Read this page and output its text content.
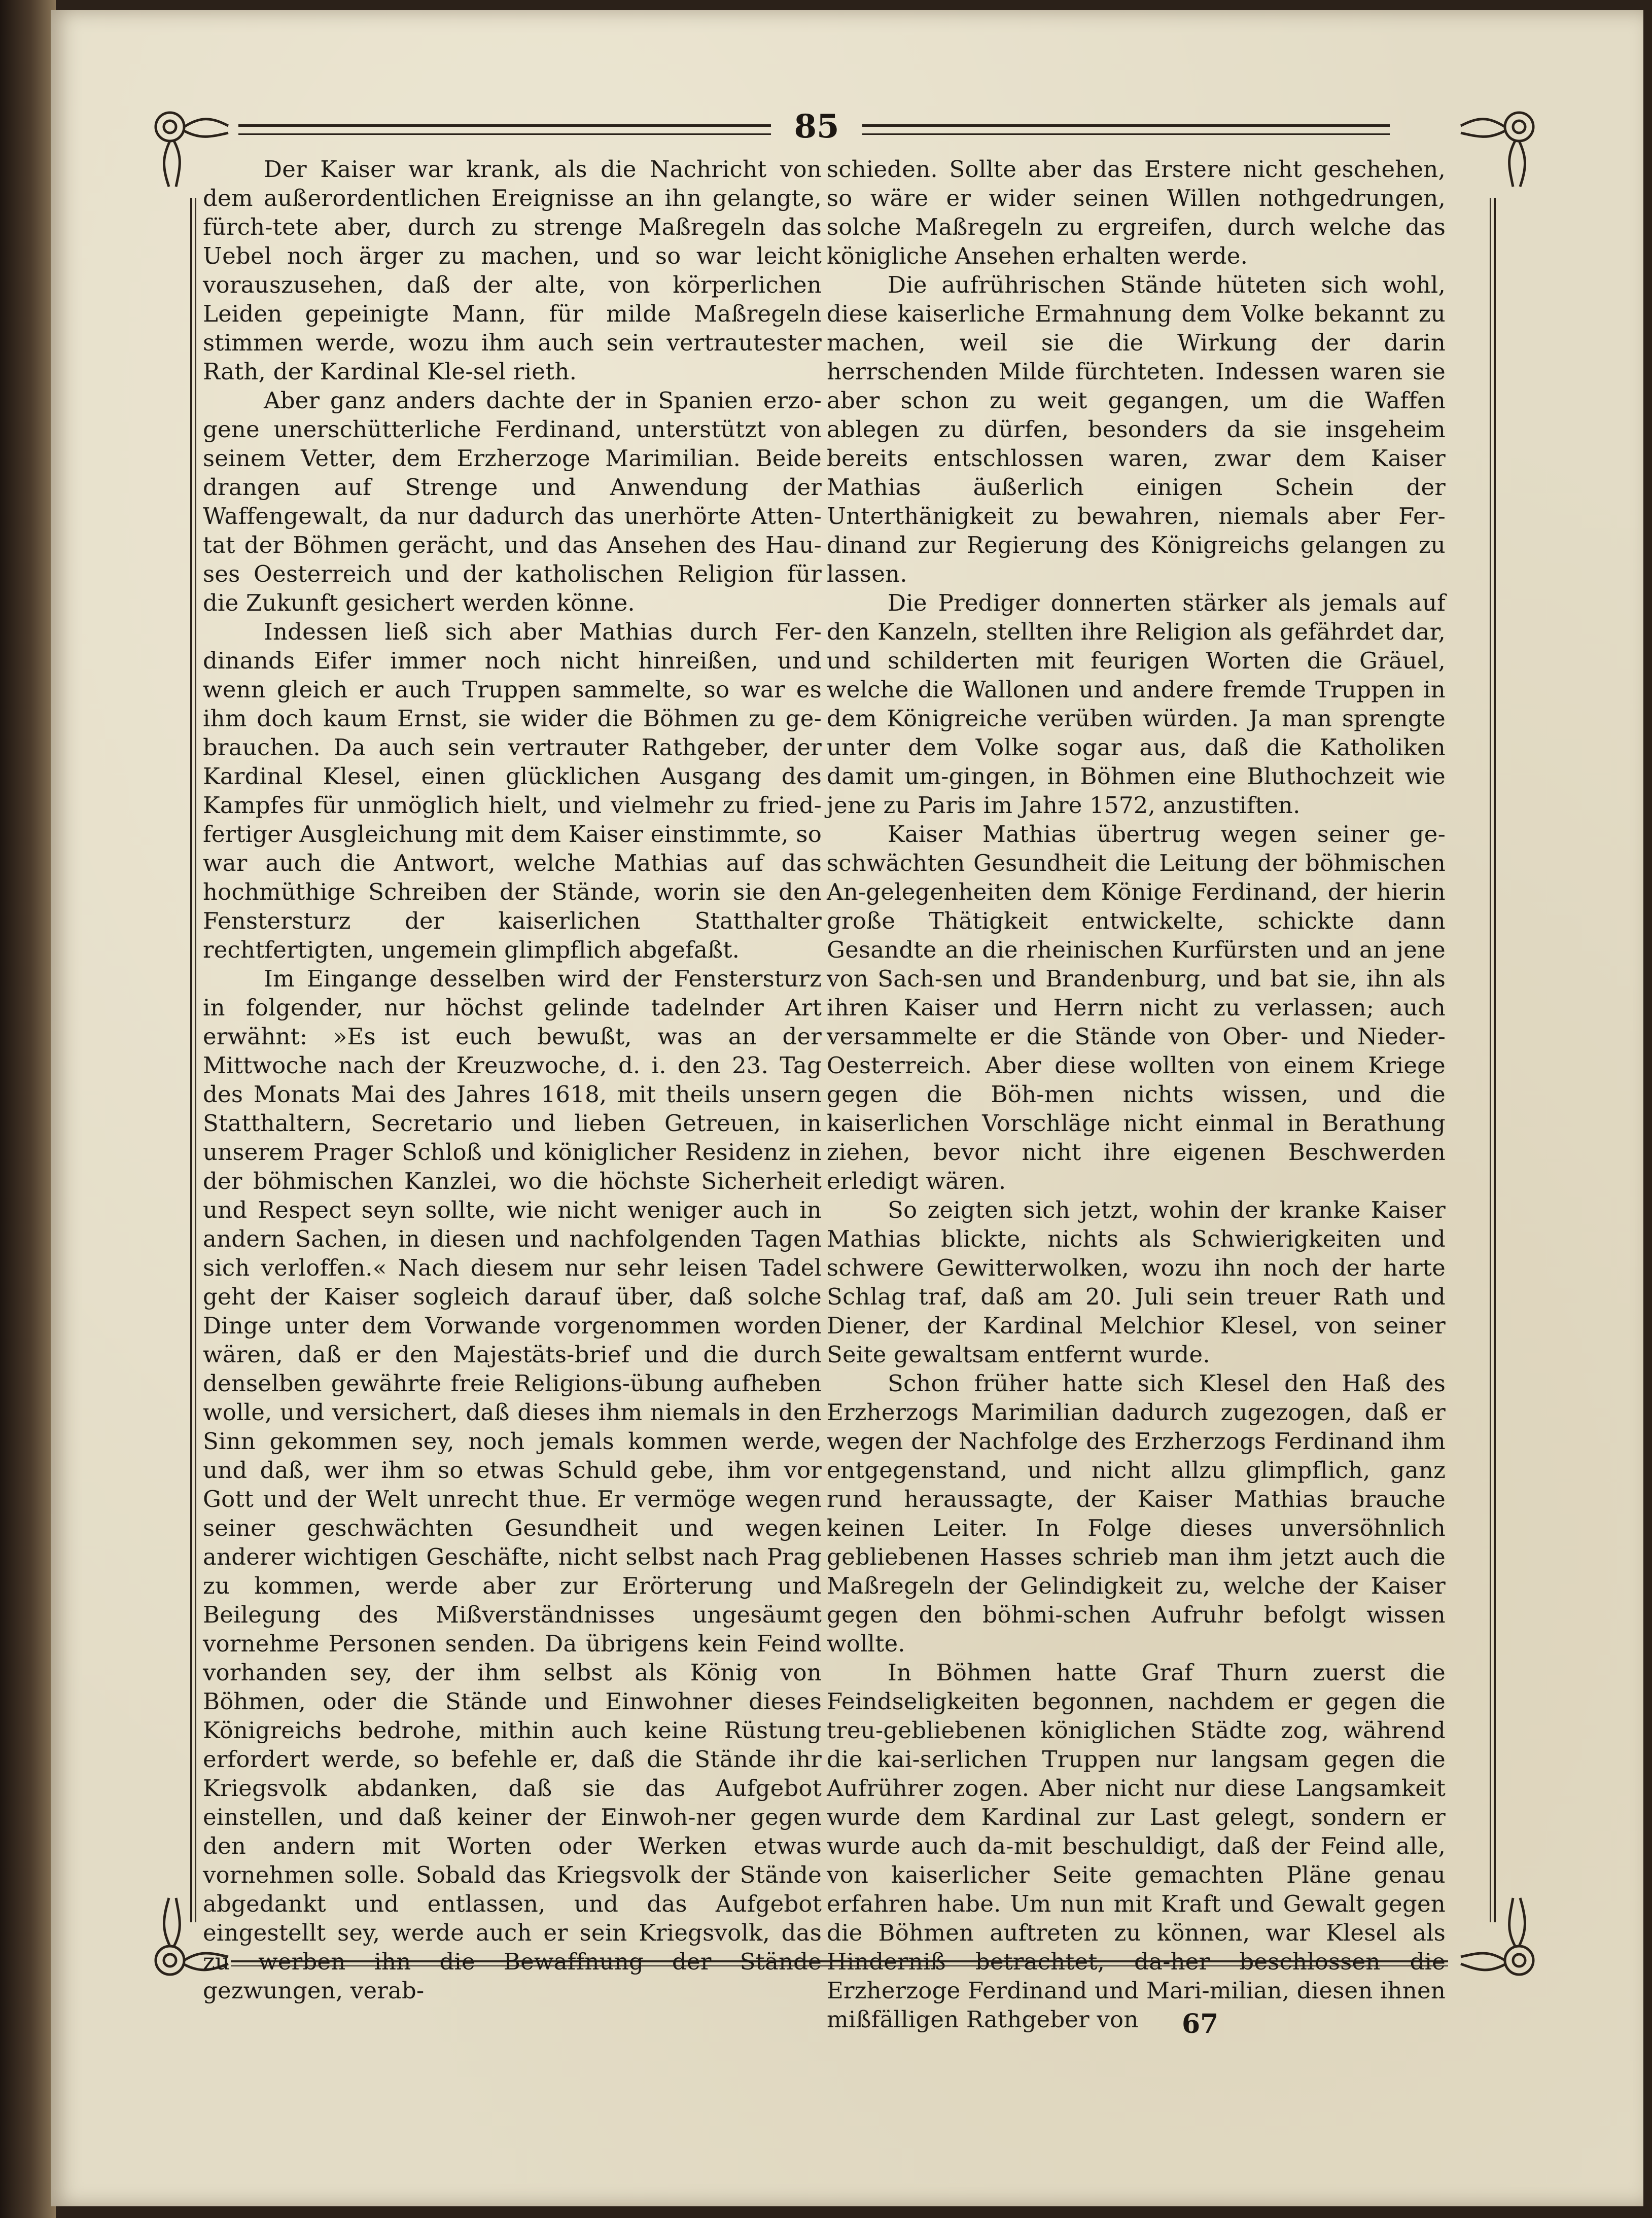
85

Der Kaiser war krank, als die Nachricht von dem außerordentlichen Ereignisse an ihn gelangte, fürch-tete aber, durch zu strenge Maßregeln das Uebel noch ärger zu machen, und so war leicht vorauszusehen, daß der alte, von körperlichen Leiden gepeinigte Mann, für milde Maßregeln stimmen werde, wozu ihm auch sein vertrautester Rath, der Kardinal Kle-sel rieth.

Aber ganz anders dachte der in Spanien erzo-gene unerschütterliche Ferdinand, unterstützt von seinem Vetter, dem Erzherzoge Marimilian. Beide drangen auf Strenge und Anwendung der Waffengewalt, da nur dadurch das unerhörte Atten-tat der Böhmen gerächt, und das Ansehen des Hau-ses Oesterreich und der katholischen Religion für die Zukunft gesichert werden könne.

Indessen ließ sich aber Mathias durch Fer-dinands Eifer immer noch nicht hinreißen, und wenn gleich er auch Truppen sammelte, so war es ihm doch kaum Ernst, sie wider die Böhmen zu ge-brauchen. Da auch sein vertrauter Rathgeber, der Kardinal Klesel, einen glücklichen Ausgang des Kampfes für unmöglich hielt, und vielmehr zu fried-fertiger Ausgleichung mit dem Kaiser einstimmte, so war auch die Antwort, welche Mathias auf das hochmüthige Schreiben der Stände, worin sie den Fenstersturz der kaiserlichen Statthalter rechtfertigten, ungemein glimpflich abgefaßt.

Im Eingange desselben wird der Fenstersturz in folgender, nur höchst gelinde tadelnder Art erwähnt: »Es ist euch bewußt, was an der Mittwoche nach der Kreuzwoche, d. i. den 23. Tag des Monats Mai des Jahres 1618, mit theils unsern Statthaltern, Secretario und lieben Getreuen, in unserem Prager Schloß und königlicher Residenz in der böhmischen Kanzlei, wo die höchste Sicherheit und Respect seyn sollte, wie nicht weniger auch in andern Sachen, in diesen und nachfolgenden Tagen sich verloffen.« Nach diesem nur sehr leisen Tadel geht der Kaiser sogleich darauf über, daß solche Dinge unter dem Vorwande vorgenommen worden wären, daß er den Majestäts-brief und die durch denselben gewährte freie Religions-übung aufheben wolle, und versichert, daß dieses ihm niemals in den Sinn gekommen sey, noch jemals kommen werde, und daß, wer ihm so etwas Schuld gebe, ihm vor Gott und der Welt unrecht thue. Er vermöge wegen seiner geschwächten Gesundheit und wegen anderer wichtigen Geschäfte, nicht selbst nach Prag zu kommen, werde aber zur Erörterung und Beilegung des Mißverständnisses ungesäumt vornehme Personen senden. Da übrigens kein Feind vorhanden sey, der ihm selbst als König von Böhmen, oder die Stände und Einwohner dieses Königreichs bedrohe, mithin auch keine Rüstung erfordert werde, so befehle er, daß die Stände ihr Kriegsvolk abdanken, daß sie das Aufgebot einstellen, und daß keiner der Einwoh-ner gegen den andern mit Worten oder Werken etwas vornehmen solle. Sobald das Kriegsvolk der Stände abgedankt und entlassen, und das Aufgebot eingestellt sey, werde auch er sein Kriegsvolk, das zu werben ihn die Bewaffnung der Stände gezwungen, verab-

schieden. Sollte aber das Erstere nicht geschehen, so wäre er wider seinen Willen nothgedrungen, solche Maßregeln zu ergreifen, durch welche das königliche Ansehen erhalten werde.

Die aufrührischen Stände hüteten sich wohl, diese kaiserliche Ermahnung dem Volke bekannt zu machen, weil sie die Wirkung der darin herrschenden Milde fürchteten. Indessen waren sie aber schon zu weit gegangen, um die Waffen ablegen zu dürfen, besonders da sie insgeheim bereits entschlossen waren, zwar dem Kaiser Mathias äußerlich einigen Schein der Unterthänigkeit zu bewahren, niemals aber Fer-dinand zur Regierung des Königreichs gelangen zu lassen.

Die Prediger donnerten stärker als jemals auf den Kanzeln, stellten ihre Religion als gefährdet dar, und schilderten mit feurigen Worten die Gräuel, welche die Wallonen und andere fremde Truppen in dem Königreiche verüben würden. Ja man sprengte unter dem Volke sogar aus, daß die Katholiken damit um-gingen, in Böhmen eine Bluthochzeit wie jene zu Paris im Jahre 1572, anzustiften.

Kaiser Mathias übertrug wegen seiner ge-schwächten Gesundheit die Leitung der böhmischen An-gelegenheiten dem Könige Ferdinand, der hierin große Thätigkeit entwickelte, schickte dann Gesandte an die rheinischen Kurfürsten und an jene von Sach-sen und Brandenburg, und bat sie, ihn als ihren Kaiser und Herrn nicht zu verlassen; auch versammelte er die Stände von Ober- und Nieder-Oesterreich. Aber diese wollten von einem Kriege gegen die Böh-men nichts wissen, und die kaiserlichen Vorschläge nicht einmal in Berathung ziehen, bevor nicht ihre eigenen Beschwerden erledigt wären.

So zeigten sich jetzt, wohin der kranke Kaiser Mathias blickte, nichts als Schwierigkeiten und schwere Gewitterwolken, wozu ihn noch der harte Schlag traf, daß am 20. Juli sein treuer Rath und Diener, der Kardinal Melchior Klesel, von seiner Seite gewaltsam entfernt wurde.

Schon früher hatte sich Klesel den Haß des Erzherzogs Marimilian dadurch zugezogen, daß er wegen der Nachfolge des Erzherzogs Ferdinand ihm entgegenstand, und nicht allzu glimpflich, ganz rund heraussagte, der Kaiser Mathias brauche keinen Leiter. In Folge dieses unversöhnlich gebliebenen Hasses schrieb man ihm jetzt auch die Maßregeln der Gelindigkeit zu, welche der Kaiser gegen den böhmi-schen Aufruhr befolgt wissen wollte.

In Böhmen hatte Graf Thurn zuerst die Feindseligkeiten begonnen, nachdem er gegen die treu-gebliebenen königlichen Städte zog, während die kai-serlichen Truppen nur langsam gegen die Aufrührer zogen. Aber nicht nur diese Langsamkeit wurde dem Kardinal zur Last gelegt, sondern er wurde auch da-mit beschuldigt, daß der Feind alle, von kaiserlicher Seite gemachten Pläne genau erfahren habe. Um nun mit Kraft und Gewalt gegen die Böhmen auftreten zu können, war Klesel als Hinderniß betrachtet, da-her beschlossen die Erzherzoge Ferdinand und Mari-milian, diesen ihnen mißfälligen Rathgeber von	67
